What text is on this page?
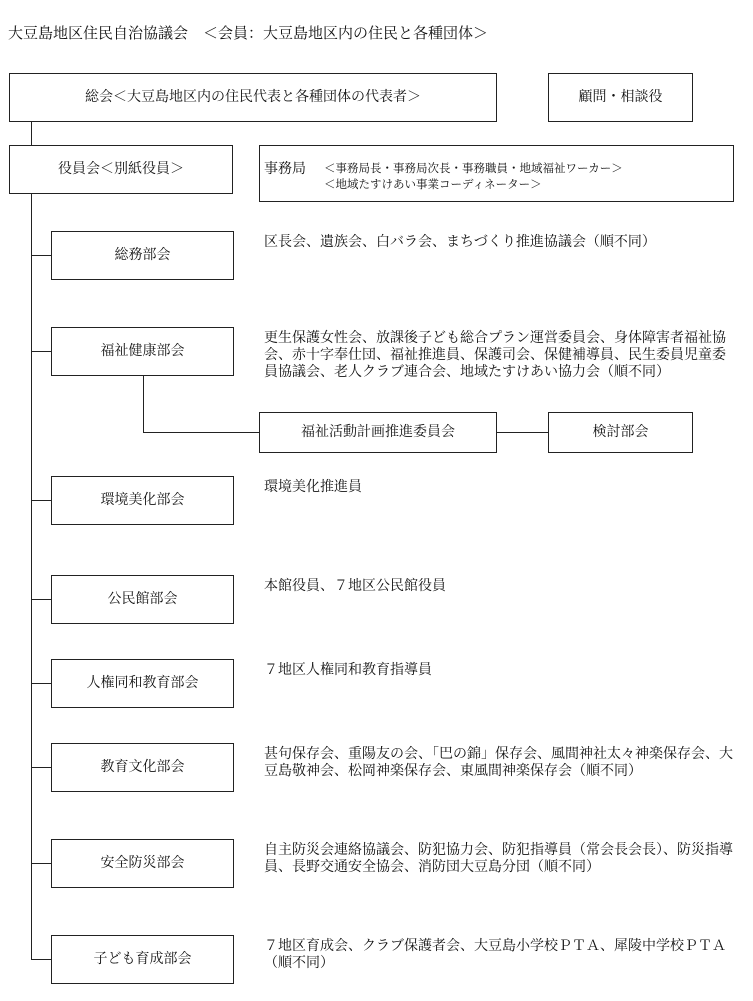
大豆島地区住民自治協議会　＜会員：大豆島地区内の住民と各種団体＞
総会＜大豆島地区内の住民代表と各種団体の代表者＞	顧問・相談役
役員会＜別紙役員＞	事務局 ＜事務局長・事務局次長・事務職員・地域福祉ワーカー＞
＜地域たすけあい事業コーディネーター＞
総務部会
区長会、遺族会、白バラ会、まちづくり推進協議会（順不同）
福祉健康部会
更生保護女性会、放課後子ども総合プラン運営委員会、身体障害者福祉協会、赤十字奉仕団、福祉推進員、保護司会、保健補導員、民生委員児童委員協議会、老人クラブ連合会、地域たすけあい協力会（順不同）
福祉活動計画推進委員会	検討部会
環境美化部会
環境美化推進員
公民館部会
本館役員、７地区公民館役員
人権同和教育部会
７地区人権同和教育指導員
教育文化部会
甚句保存会、重陽友の会、「巴の錦」保存会、風間神社太々神楽保存会、大豆島敬神会、松岡神楽保存会、東風間神楽保存会（順不同）
安全防災部会
自主防災会連絡協議会、防犯協力会、防犯指導員（常会長会長）、防災指導員、長野交通安全協会、消防団大豆島分団（順不同）
子ども育成部会
７地区育成会、クラブ保護者会、大豆島小学校ＰＴＡ、犀陵中学校ＰＴＡ（順不同）
